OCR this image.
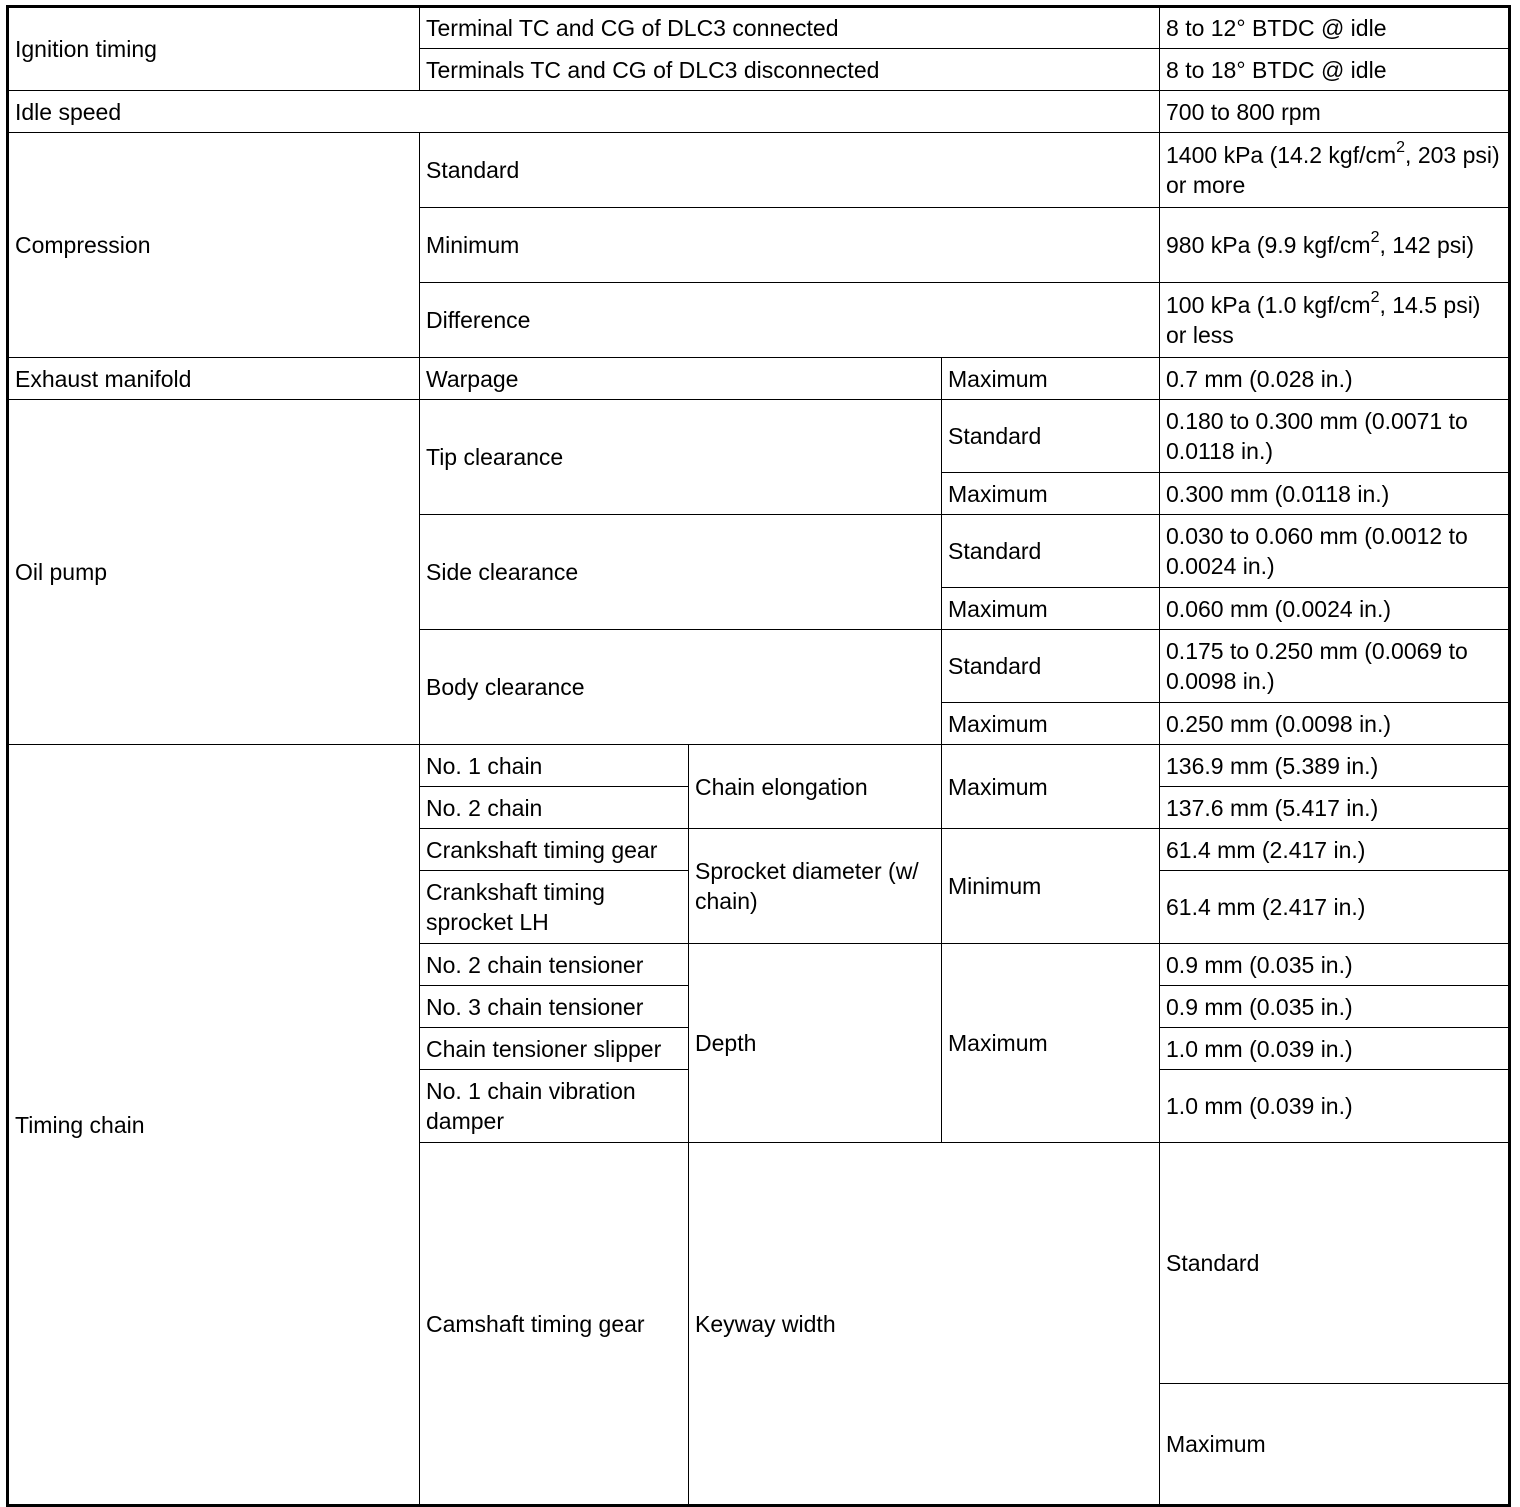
Ignition timing	Terminal TC and CG of DLC3 connected			8 to 12° BTDC @ idle	
	Terminals TC and CG of DLC3 disconnected			8 to 18° BTDC @ idle	
Idle speed				700 to 800 rpm	
Compression	Standard			1400 kPa (14.2 kgf/$cm^2$, 203 psi) or more	
	Minimum			980 kPa (9.9 kgf/$cm^2$, 142 psi)	
	Difference			100 kPa (1.0 kgf/$cm^2$, 14.5 psi) or less	
Exhaust manifold	Warpage		Maximum	0.7 mm (0.028 in.)	
Oil pump	Tip clearance		Standard	0.180 to 0.300 mm (0.0071 to 0.0118 in.)	
			Maximum	0.300 mm (0.0118 in.)	
	Side clearance		Standard	0.030 to 0.060 mm (0.0012 to 0.0024 in.)	
			Maximum	0.060 mm (0.0024 in.)	
	Body clearance		Standard	0.175 to 0.250 mm (0.0069 to 0.0098 in.)	
			Maximum	0.250 mm (0.0098 in.)	
Timing chain	No. 1 chain	Chain elongation	Maximum	136.9 mm (5.389 in.)	
	No. 2 chain			137.6 mm (5.417 in.)	
	Crankshaft timing gear	Sprocket diameter (w/ chain)	Minimum	61.4 mm (2.417 in.)	
	Crankshaft timing sprocket LH			61.4 mm (2.417 in.)	
	No. 2 chain tensioner	Depth	Maximum	0.9 mm (0.035 in.)	
	No. 3 chain tensioner			0.9 mm (0.035 in.)	
	Chain tensioner slipper			1.0 mm (0.039 in.)	
	No. 1 chain vibration damper			1.0 mm (0.039 in.)	
	Camshaft timing gear	Keyway width		Standard	
				Maximum	
